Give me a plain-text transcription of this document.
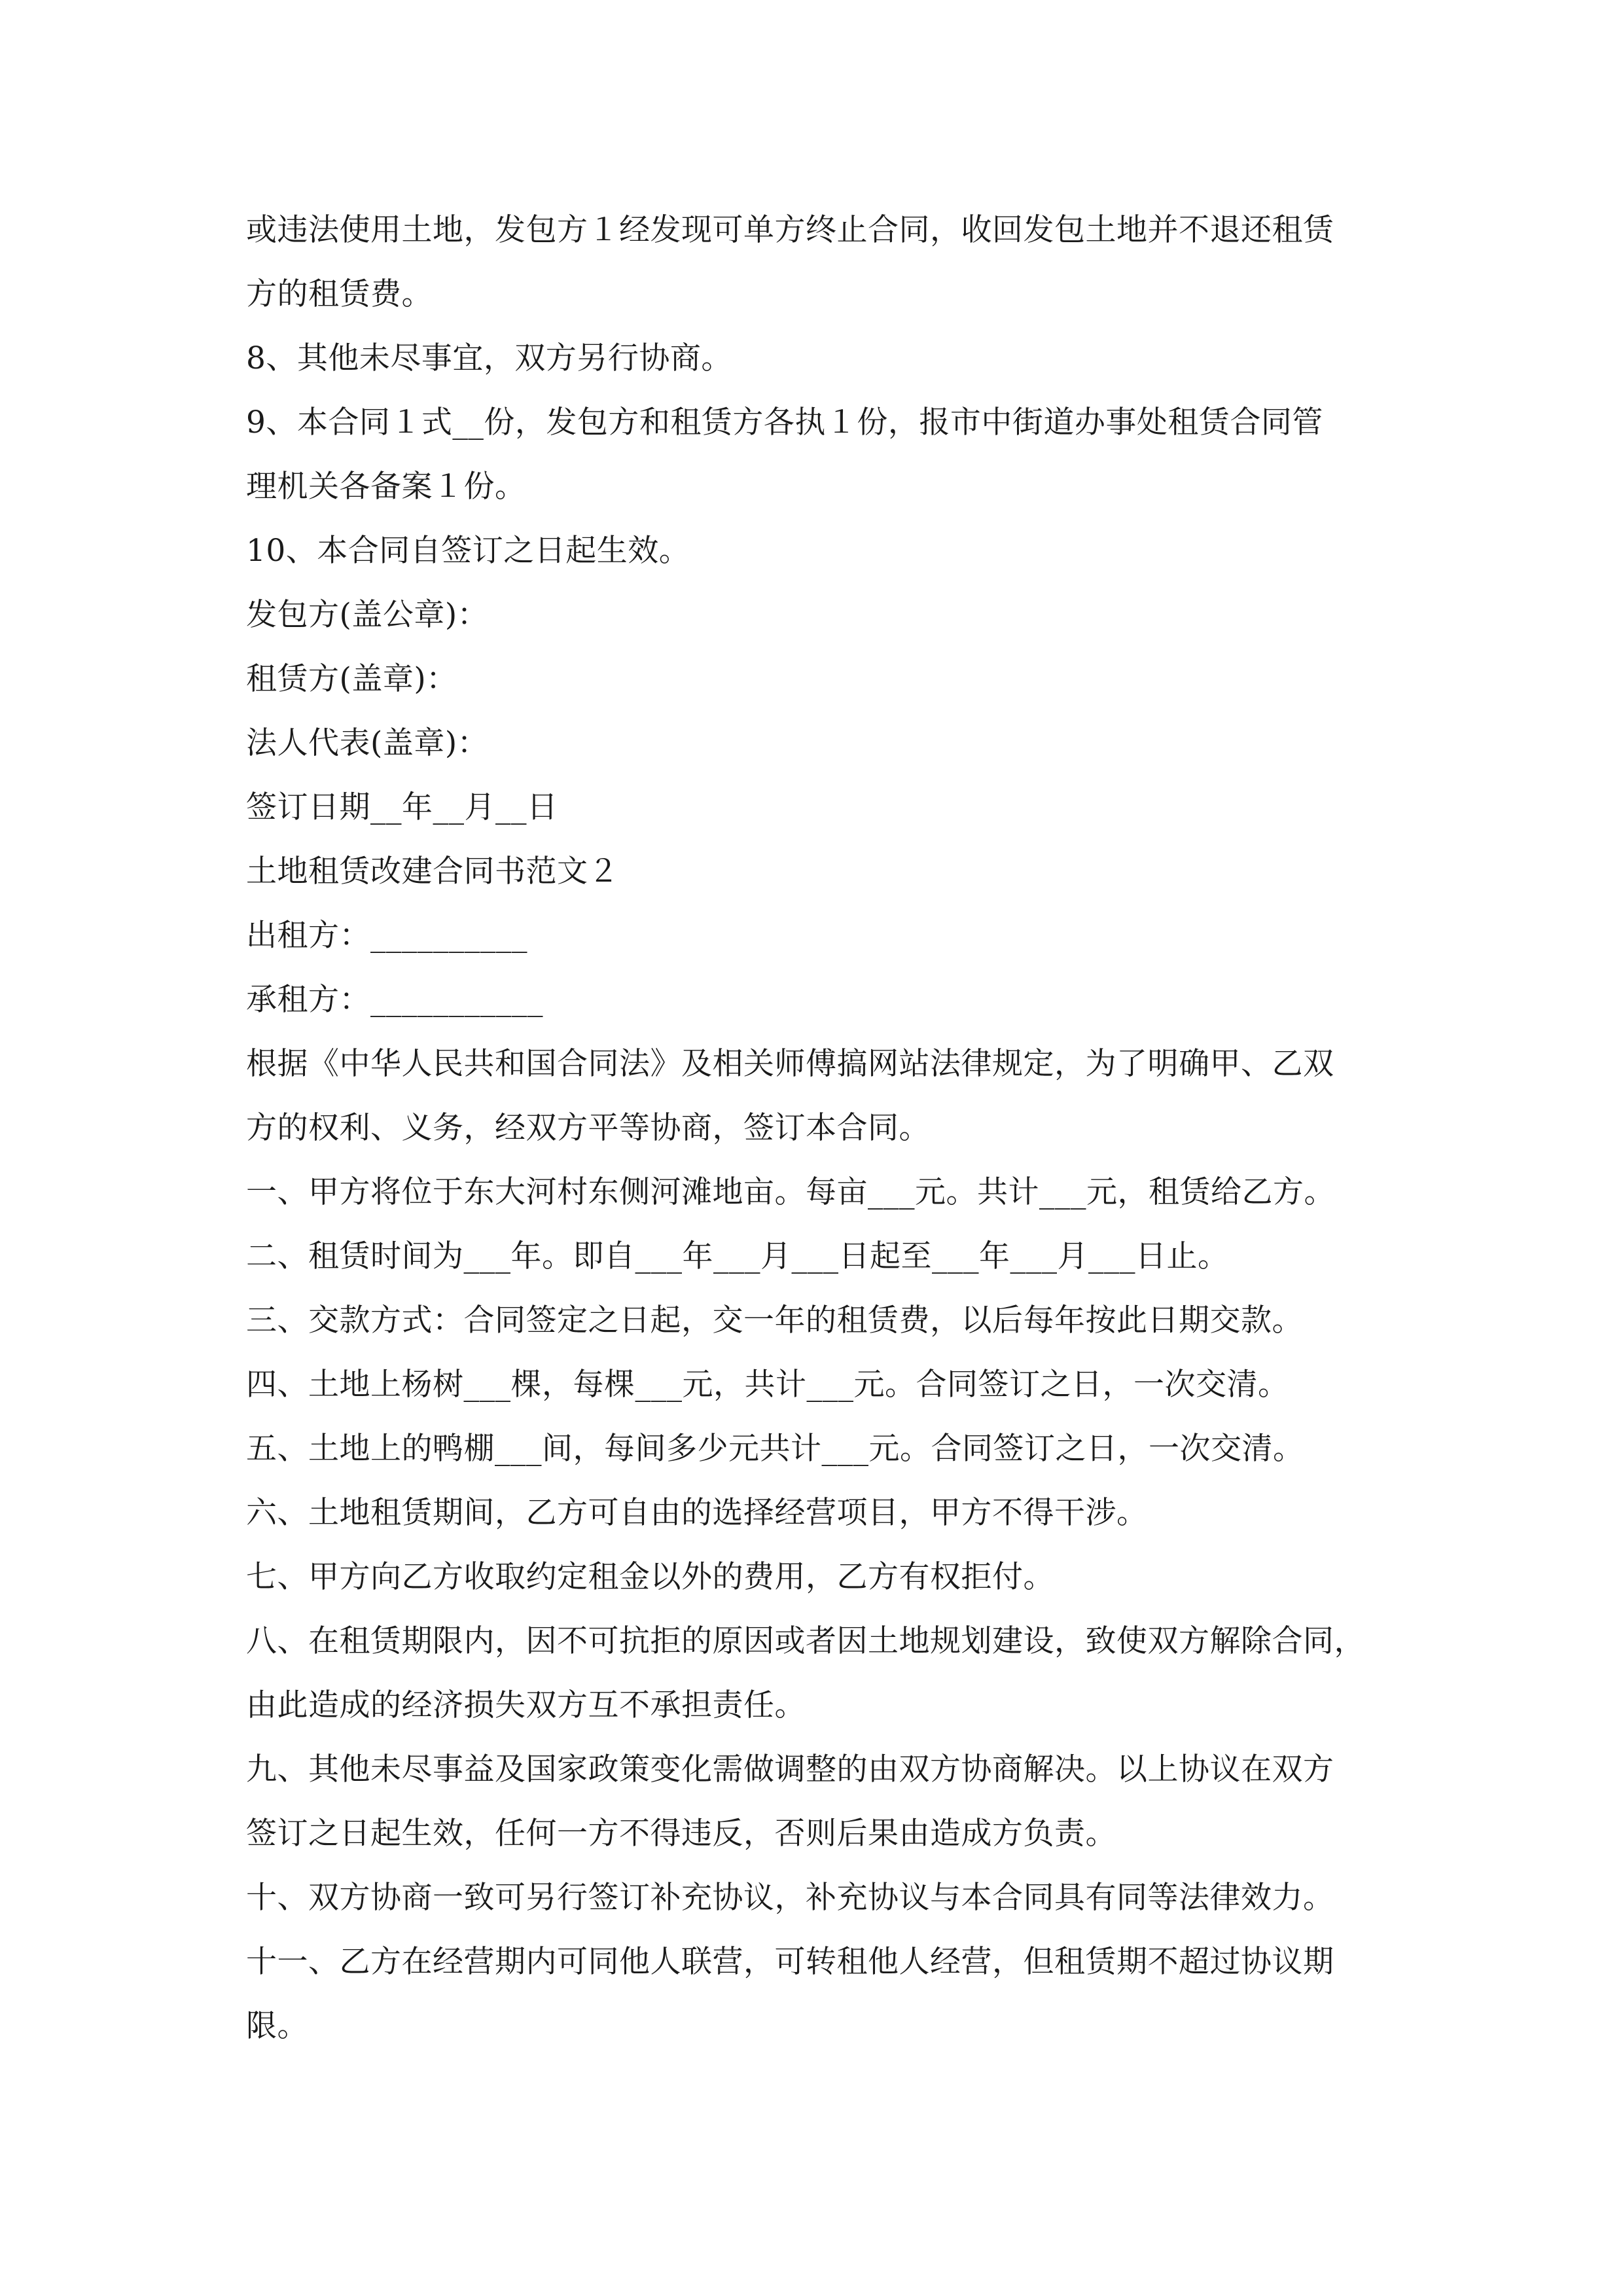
或违法使用土地，发包方１经发现可单方终止合同，收回发包土地并不退还租赁
方的租赁费。
8、其他未尽事宜，双方另行协商。
9、本合同１式__份，发包方和租赁方各执１份，报市中街道办事处租赁合同管
理机关各备案１份。
10、本合同自签订之日起生效。
发包方(盖公章)：
租赁方(盖章)：
法人代表(盖章)：
签订日期__年__月__日
土地租赁改建合同书范文２
出租方：__________
承租方：___________
根据《中华人民共和国合同法》及相关师傅搞网站法律规定，为了明确甲、乙双
方的权利、义务，经双方平等协商，签订本合同。
一、甲方将位于东大河村东侧河滩地亩。每亩___元。共计___元，租赁给乙方。
二、租赁时间为___年。即自___年___月___日起至___年___月___日止。
三、交款方式：合同签定之日起，交一年的租赁费，以后每年按此日期交款。
四、土地上杨树___棵，每棵___元，共计___元。合同签订之日，一次交清。
五、土地上的鸭棚___间，每间多少元共计___元。合同签订之日，一次交清。
六、土地租赁期间，乙方可自由的选择经营项目，甲方不得干涉。
七、甲方向乙方收取约定租金以外的费用，乙方有权拒付。
八、在租赁期限内，因不可抗拒的原因或者因土地规划建设，致使双方解除合同，
由此造成的经济损失双方互不承担责任。
九、其他未尽事益及国家政策变化需做调整的由双方协商解决。以上协议在双方
签订之日起生效，任何一方不得违反，否则后果由造成方负责。
十、双方协商一致可另行签订补充协议，补充协议与本合同具有同等法律效力。
十一、乙方在经营期内可同他人联营，可转租他人经营，但租赁期不超过协议期
限。
